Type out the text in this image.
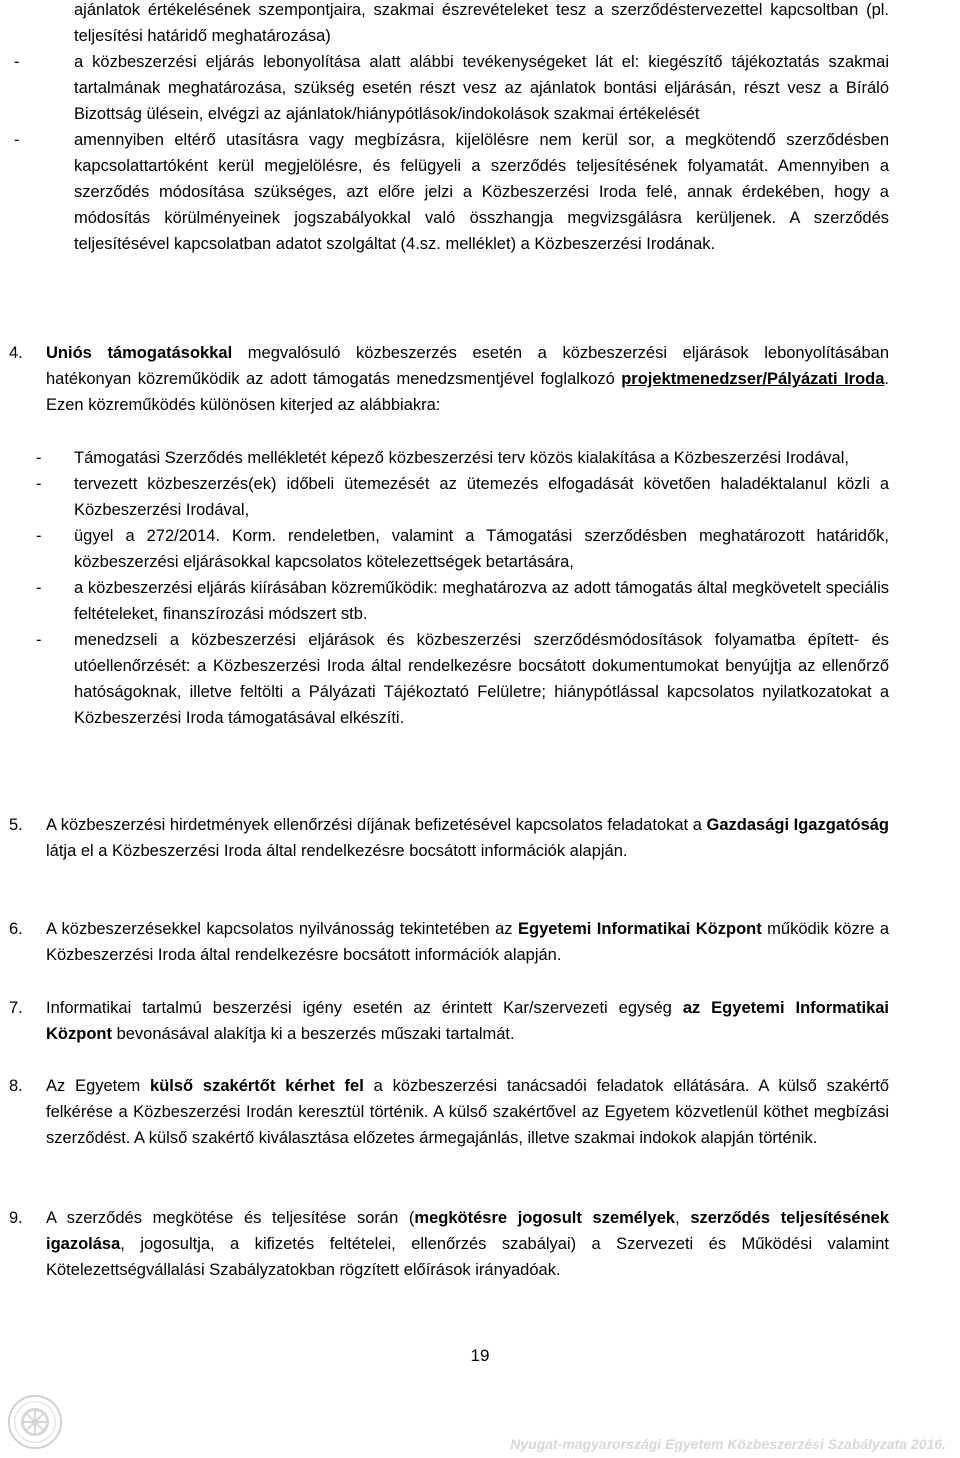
ajánlatok értékelésének szempontjaira, szakmai észrevételeket tesz a szerződéstervezettel kapcsoltban (pl. teljesítési határidő meghatározása)
-	a közbeszerzési eljárás lebonyolítása alatt alábbi tevékenységeket lát el: kiegészítő tájékoztatás szakmai tartalmának meghatározása, szükség esetén részt vesz az ajánlatok bontási eljárásán, részt vesz a Bíráló Bizottság ülésein, elvégzi az ajánlatok/hiánypótlások/indokolások szakmai értékelését
-	amennyiben eltérő utasításra vagy megbízásra, kijelölésre nem kerül sor, a megkötendő szerződésben kapcsolattartóként kerül megjelölésre, és felügyeli a szerződés teljesítésének folyamatát. Amennyiben a szerződés módosítása szükséges, azt előre jelzi a Közbeszerzési Iroda felé, annak érdekében, hogy a módosítás körülményeinek jogszabályokkal való összhangja megvizsgálásra kerüljenek. A szerződés teljesítésével kapcsolatban adatot szolgáltat (4.sz. melléklet) a Közbeszerzési Irodának.
4. Uniós támogatásokkal megvalósuló közbeszerzés esetén a közbeszerzési eljárások lebonyolításában hatékonyan közreműködik az adott támogatás menedzsmentjével foglalkozó projektmenedzser/Pályázati Iroda. Ezen közreműködés különösen kiterjed az alábbiakra:
-	Támogatási Szerződés mellékletét képező közbeszerzési terv közös kialakítása a Közbeszerzési Irodával,
-	tervezett közbeszerzés(ek) időbeli ütemezését az ütemezés elfogadását követően haladéktalanul közli a Közbeszerzési Irodával,
-	ügyel a 272/2014. Korm. rendeletben, valamint a Támogatási szerződésben meghatározott határidők, közbeszerzési eljárásokkal kapcsolatos kötelezettségek betartására,
-	a közbeszerzési eljárás kiírásában közreműködik: meghatározva az adott támogatás által megkövetelt speciális feltételeket, finanszírozási módszert stb.
-	menedzseli a közbeszerzési eljárások és közbeszerzési szerződésmódosítások folyamatba épített- és utóellenőrzését: a Közbeszerzési Iroda által rendelkezésre bocsátott dokumentumokat benyújtja az ellenőrző hatóságoknak, illetve feltölti a Pályázati Tájékoztató Felületre; hiánypótlással kapcsolatos nyilatkozatokat a Közbeszerzési Iroda támogatásával elkészíti.
5. A közbeszerzési hirdetmények ellenőrzési díjának befizetésével kapcsolatos feladatokat a Gazdasági Igazgatóság látja el a Közbeszerzési Iroda által rendelkezésre bocsátott információk alapján.
6. A közbeszerzésekkel kapcsolatos nyilvánosság tekintetében az Egyetemi Informatikai Központ működik közre a Közbeszerzési Iroda által rendelkezésre bocsátott információk alapján.
7. Informatikai tartalmú beszerzési igény esetén az érintett Kar/szervezeti egység az Egyetemi Informatikai Központ bevonásával alakítja ki a beszerzés műszaki tartalmát.
8. Az Egyetem külső szakértőt kérhet fel a közbeszerzési tanácsadói feladatok ellátására. A külső szakértő felkérése a Közbeszerzési Irodán keresztül történik. A külső szakértővel az Egyetem közvetlenül köthet megbízási szerződést. A külső szakértő kiválasztása előzetes ármegajánlás, illetve szakmai indokok alapján történik.
9. A szerződés megkötése és teljesítése során (megkötésre jogosult személyek, szerződés teljesítésének igazolása, jogosultja, a kifizetés feltételei, ellenőrzés szabályai) a Szervezeti és Működési valamint Kötelezettségvállalási Szabályzatokban rögzített előírások irányadóak.
19
Nyugat-magyarországi Egyetem Közbeszerzési Szabályzata 2016.
